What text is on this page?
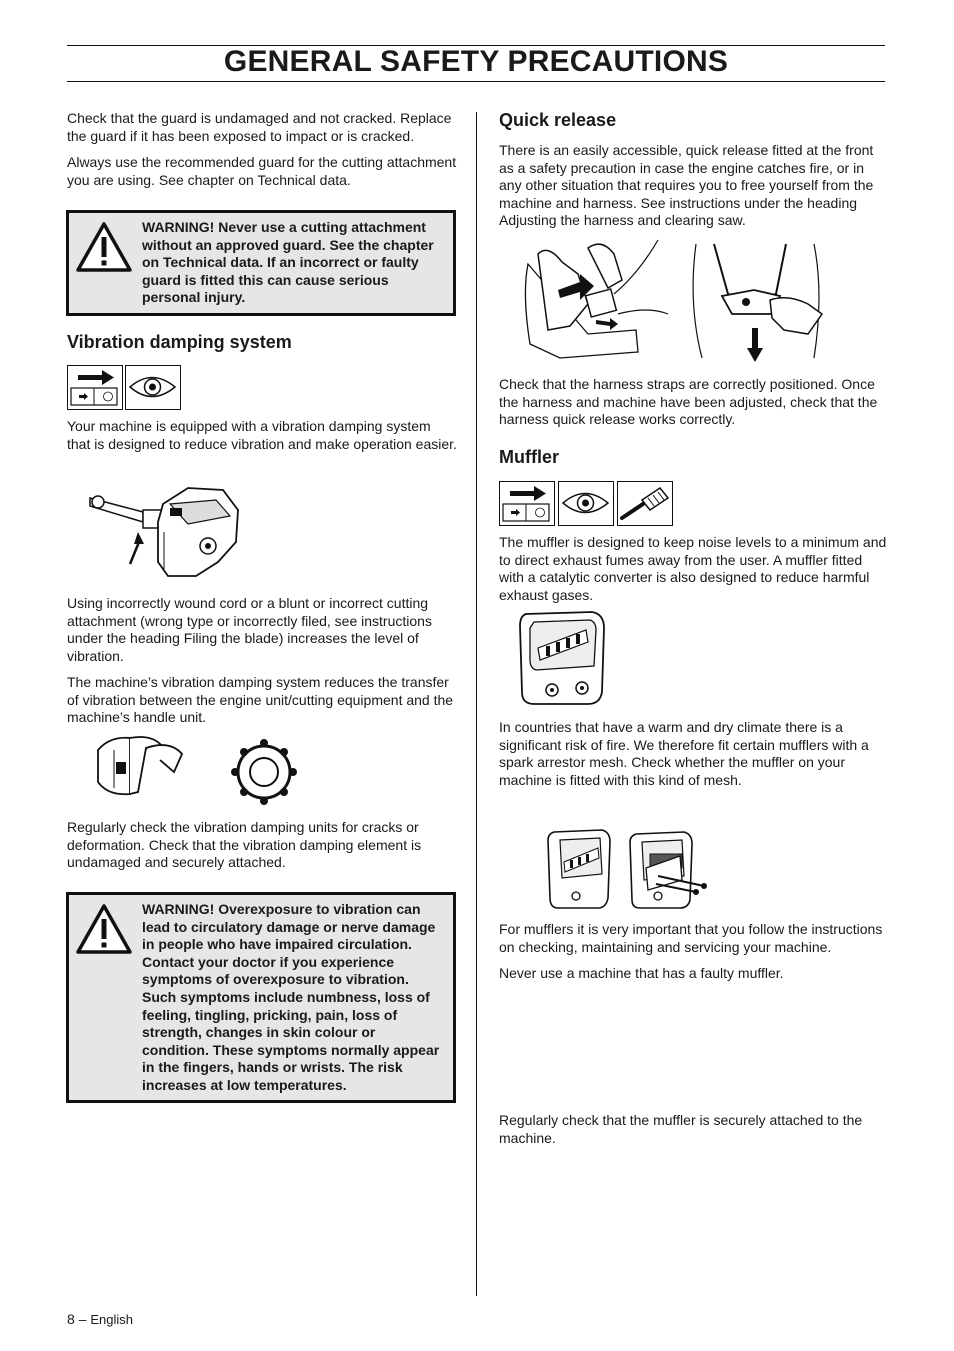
GENERAL SAFETY PRECAUTIONS

Check that the guard is undamaged and not cracked. Replace the guard if it has been exposed to impact or is cracked.

Always use the recommended guard for the cutting attachment you are using. See chapter on Technical data.

WARNING! Never use a cutting attachment without an approved guard. See the chapter on Technical data. If an incorrect or faulty guard is fitted this can cause serious personal injury.
Vibration damping system

Your machine is equipped with a vibration damping system that is designed to reduce vibration and make operation easier.

Using incorrectly wound cord or a blunt or incorrect cutting attachment (wrong type or incorrectly filed, see instructions under the heading Filing the blade) increases the level of vibration.

The machine’s vibration damping system reduces the transfer of vibration between the engine unit/cutting equipment and the machine’s handle unit.

Regularly check the vibration damping units for cracks or deformation. Check that the vibration damping element is undamaged and securely attached.

WARNING! Overexposure to vibration can lead to circulatory damage or nerve damage in people who have impaired circulation. Contact your doctor if you experience symptoms of overexposure to vibration. Such symptoms include numbness, loss of feeling, tingling, pricking, pain, loss of strength, changes in skin colour or condition. These symptoms normally appear in the fingers, hands or wrists. The risk increases at low temperatures.
Quick release

There is an easily accessible, quick release fitted at the front as a safety precaution in case the engine catches fire, or in any other situation that requires you to free yourself from the machine and harness. See instructions under the heading Adjusting the harness and clearing saw.

Check that the harness straps are correctly positioned. Once the harness and machine have been adjusted, check that the harness quick release works correctly.

Muffler

The muffler is designed to keep noise levels to a minimum and to direct exhaust fumes away from the user. A muffler fitted with a catalytic converter is also designed to reduce harmful exhaust gases.

In countries that have a warm and dry climate there is a significant risk of fire. We therefore fit certain mufflers with a spark arrestor mesh. Check whether the muffler on your machine is fitted with this kind of mesh.

For mufflers it is very important that you follow the instructions on checking, maintaining and servicing your machine.

Never use a machine that has a faulty muffler.

Regularly check that the muffler is securely attached to the machine.

8 – English
